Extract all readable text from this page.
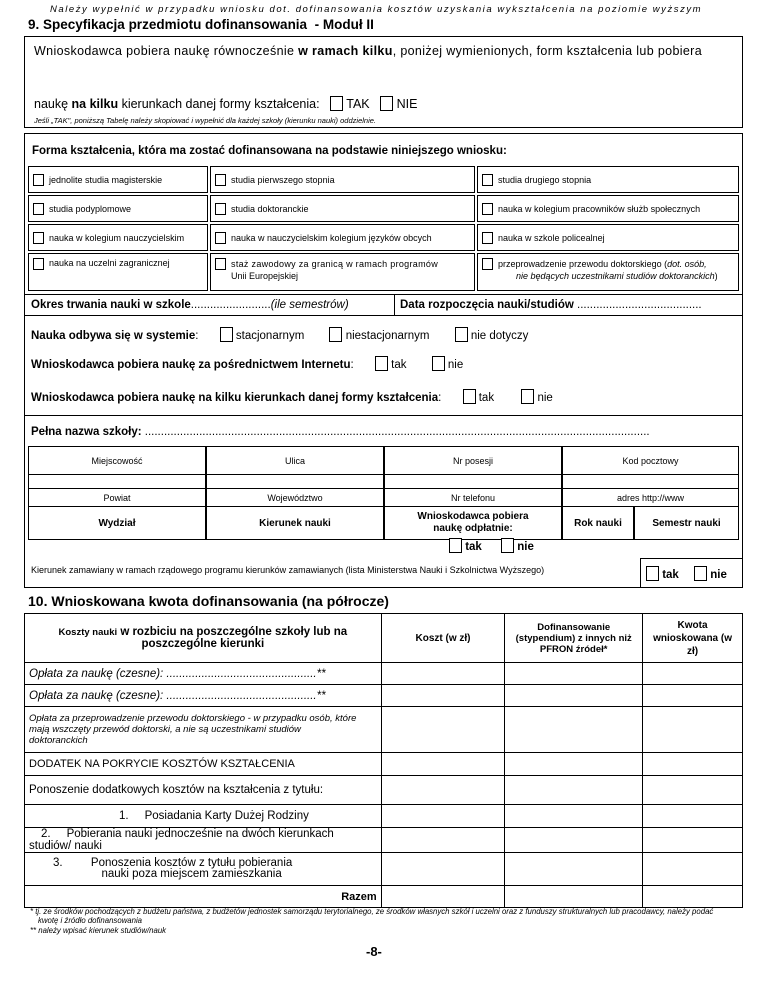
Należy wypełnić w przypadku wniosku dot. dofinansowania kosztów uzyskania wykształcenia na poziomie wyższym
9. Specyfikacja przedmiotu dofinansowania - Moduł II
Wnioskodawca pobiera naukę równocześnie w ramach kilku, poniżej wymienionych, form kształcenia lub pobiera
naukę na kilku kierunkach danej formy kształcenia: TAK NIE
Jeśli „TAK", poniższą Tabelę należy skopiować i wypełnić dla każdej szkoły (kierunku nauki) oddzielnie.
Forma kształcenia, która ma zostać dofinansowana na podstawie niniejszego wniosku:

jednolite studia magisterskie
	studia pierwszego stopnia
	studia drugiego stopnia

studia podyplomowe
	studia doktoranckie
	nauka w kolegium pracowników służb społecznych

nauka w kolegium nauczycielskim
	nauka w nauczycielskim kolegium języków obcych
	nauka w szkole policealnej

nauka na uczelni zagranicznej
	staż zawodowy za granicą w ramach programów
Unii Europejskiej

przeprowadzenie przewodu doktorskiego (dot. osób,
nie będących uczestnikami studiów doktoranckich)
Okres trwania nauki w szkole.........................(ile semestrów)	Data rozpoczęcia nauki/studiów .......................................
Nauka odbywa się w systemie:	stacjonarnym	niestacjonarnym	nie dotyczy
Wnioskodawca pobiera naukę za pośrednictwem Internetu:	tak	nie
Wnioskodawca pobiera naukę na kilku kierunkach danej formy kształcenia:	tak	nie
Pełna nazwa szkoły: ..............................................................................................................................................................
Miejscowość	Ulica	Nr posesji	Kod pocztowy
Powiat	Województwo	Nr telefonu	adres http://www
Wydział	Kierunek nauki
Wnioskodawca pobiera
naukę odpłatnie:	Rok nauki	Semestr nauki
tak	nie
Kierunek zamawiany w ramach rządowego programu kierunków zamawianych (lista Ministerstwa Nauki i Szkolnictwa Wyższego)	tak	nie
10. Wnioskowana kwota dofinansowania (na półrocze)
Koszty nauki w rozbiciu na poszczególne szkoły lub na poszczególne kierunki	Koszt (w zł)	Dofinansowanie
(stypendium) z innych niż
PFRON źródeł*	Kwota
wnioskowana (w zł)
Opłata za naukę (czesne): ...............................................**			
Opłata za naukę (czesne): ...............................................**			
Opłata za przeprowadzenie przewodu doktorskiego - w przypadku osób, które mają wszczęty przewód doktorski, a nie są uczestnikami studiów doktoranckich			
DODATEK NA POKRYCIE KOSZTÓW KSZTAŁCENIA			
Ponoszenie dodatkowych kosztów na kształcenia z tytułu:			
1. Posiadania Karty Dużej Rodziny			
2. Pobierania nauki jednocześnie na dwóch kierunkach studiów/ nauki			

3. Ponoszenia kosztów z tytułu pobierania nauki poza miejscem zamieszkania			

Razem			
* tj. ze środków pochodzących z budżetu państwa, z budżetów jednostek samorządu terytorialnego, ze środków własnych szkół i uczelni oraz z funduszy strukturalnych lub pracodawcy, należy podać kwotę i źródło dofinansowania
** należy wpisać kierunek studiów/nauk
-8-
